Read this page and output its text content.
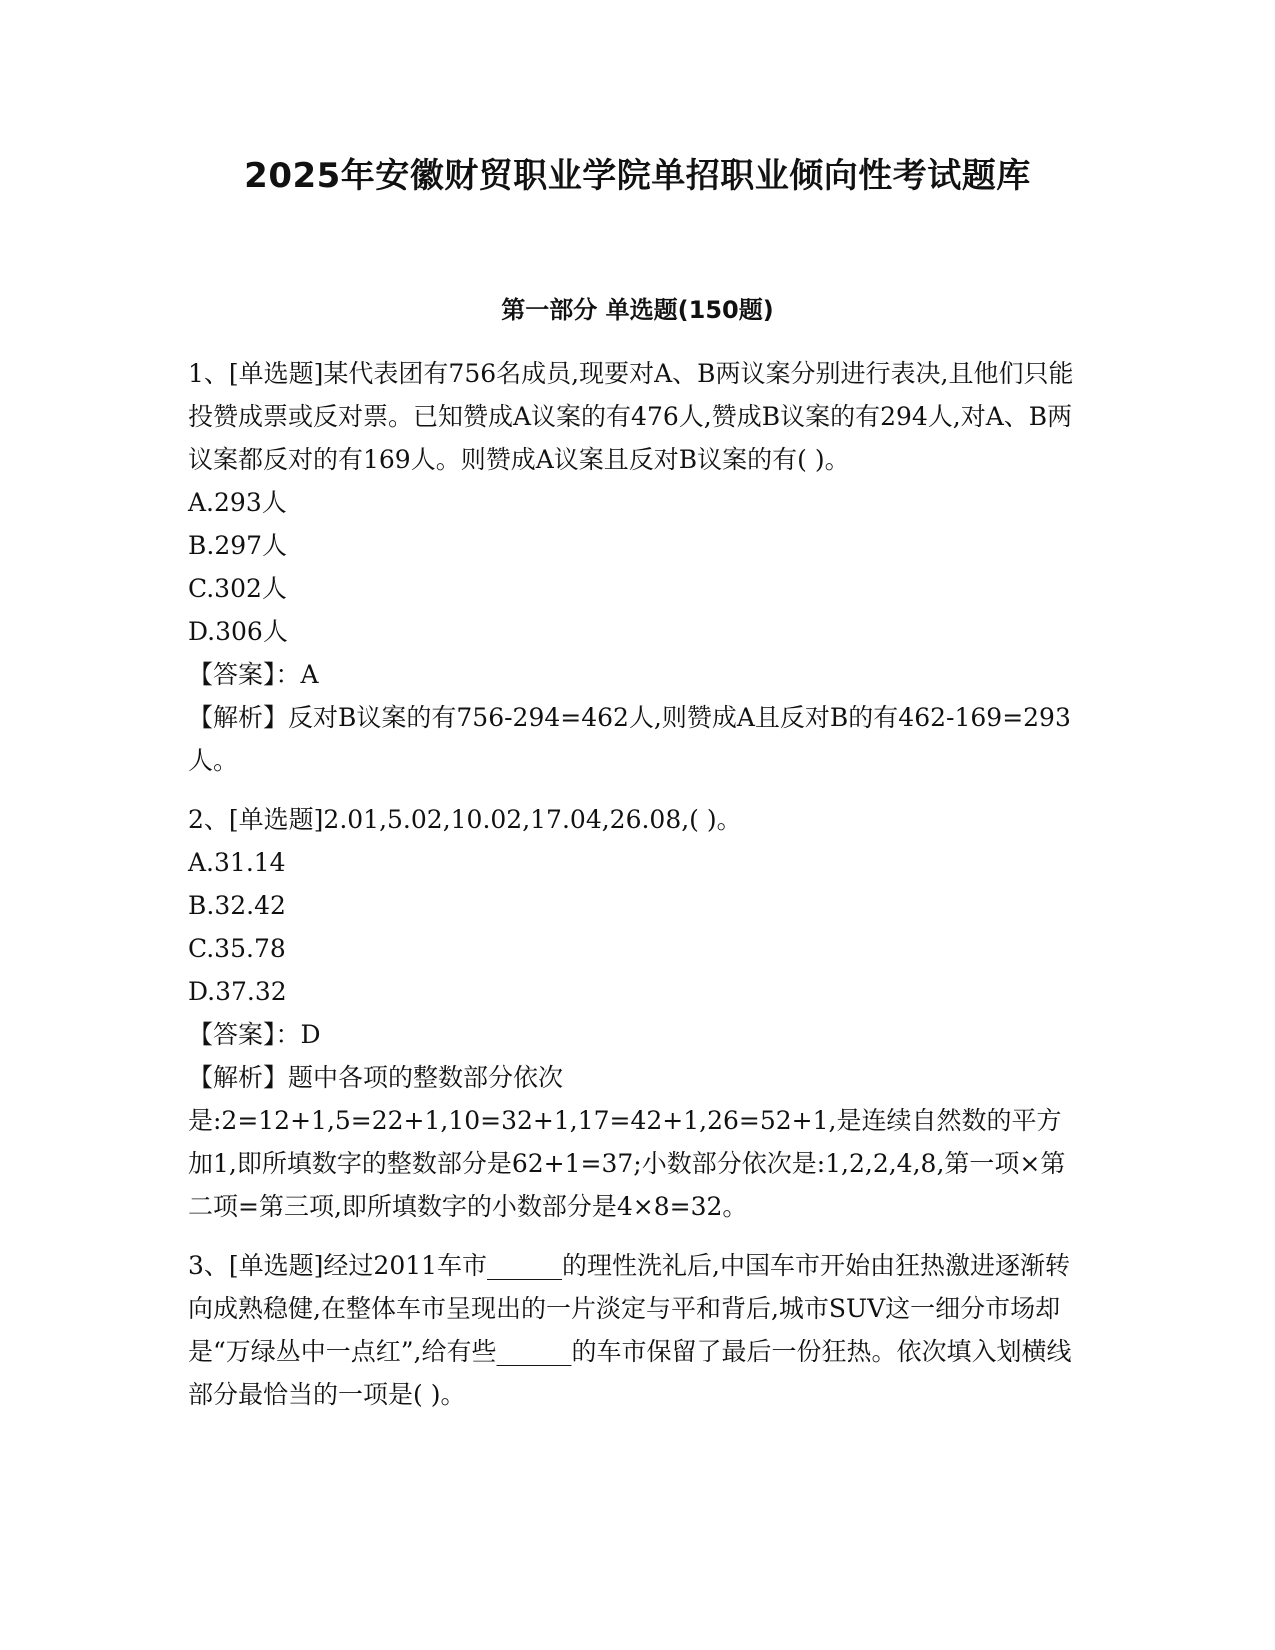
2025年安徽财贸职业学院单招职业倾向性考试题库
第一部分 单选题(150题)

1、[单选题]某代表团有756名成员,现要对A、B两议案分别进行表决,且他们只能投赞成票或反对票。已知赞成A议案的有476人,赞成B议案的有294人,对A、B两议案都反对的有169人。则赞成A议案且反对B议案的有( )。

A.293人

B.297人

C.302人

D.306人

【答案】：A

【解析】反对B议案的有756-294=462人,则赞成A且反对B的有462-169=293人。

2、[单选题]2.01,5.02,10.02,17.04,26.08,( )。

A.31.14

B.32.42

C.35.78

D.37.32

【答案】：D

【解析】题中各项的整数部分依次是:2=12+1,5=22+1,10=32+1,17=42+1,26=52+1,是连续自然数的平方加1,即所填数字的整数部分是62+1=37;小数部分依次是:1,2,2,4,8,第一项×第二项=第三项,即所填数字的小数部分是4×8=32。

3、[单选题]经过2011车市______的理性洗礼后,中国车市开始由狂热激进逐渐转向成熟稳健,在整体车市呈现出的一片淡定与平和背后,城市SUV这一细分市场却是“万绿丛中一点红”,给有些______的车市保留了最后一份狂热。依次填入划横线部分最恰当的一项是( )。
